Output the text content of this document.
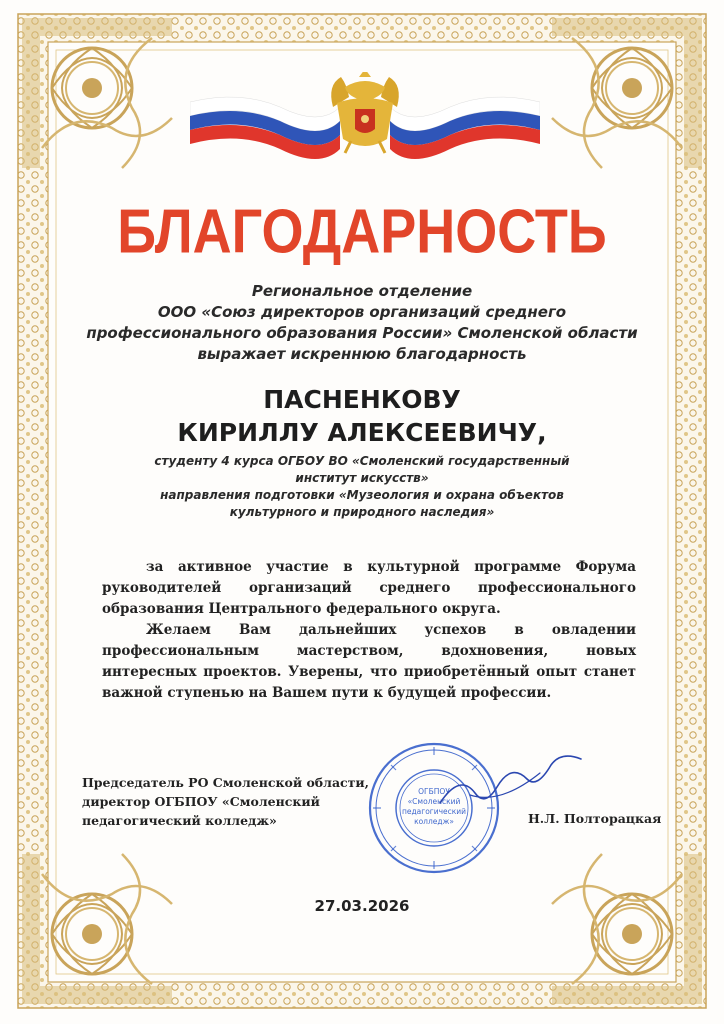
БЛАГОДАРНОСТЬ
Региональное отделение
ООО «Союз директоров организаций среднего
профессионального образования России» Смоленской области
выражает искреннюю благодарность
ПАСНЕНКОВУ
КИРИЛЛУ АЛЕКСЕЕВИЧУ,
студенту 4 курса ОГБОУ ВО «Смоленский государственный
институт искусств»
направления подготовки «Музеология и охрана объектов
культурного и природного наследия»
за активное участие в культурной программе Форума
руководителей организаций среднего профессионального
образования Центрального федерального округа.
Желаем Вам дальнейших успехов в овладении
профессиональным мастерством, вдохновения, новых
интересных проектов. Уверены, что приобретённый опыт станет
важной ступенью на Вашем пути к будущей профессии.
Председатель РО Смоленской области,
директор ОГБПОУ «Смоленский
педагогический колледж»
ОГБПОУ
«Смоленский
педагогический
колледж»	Н.Л. Полторацкая
27.03.2026
